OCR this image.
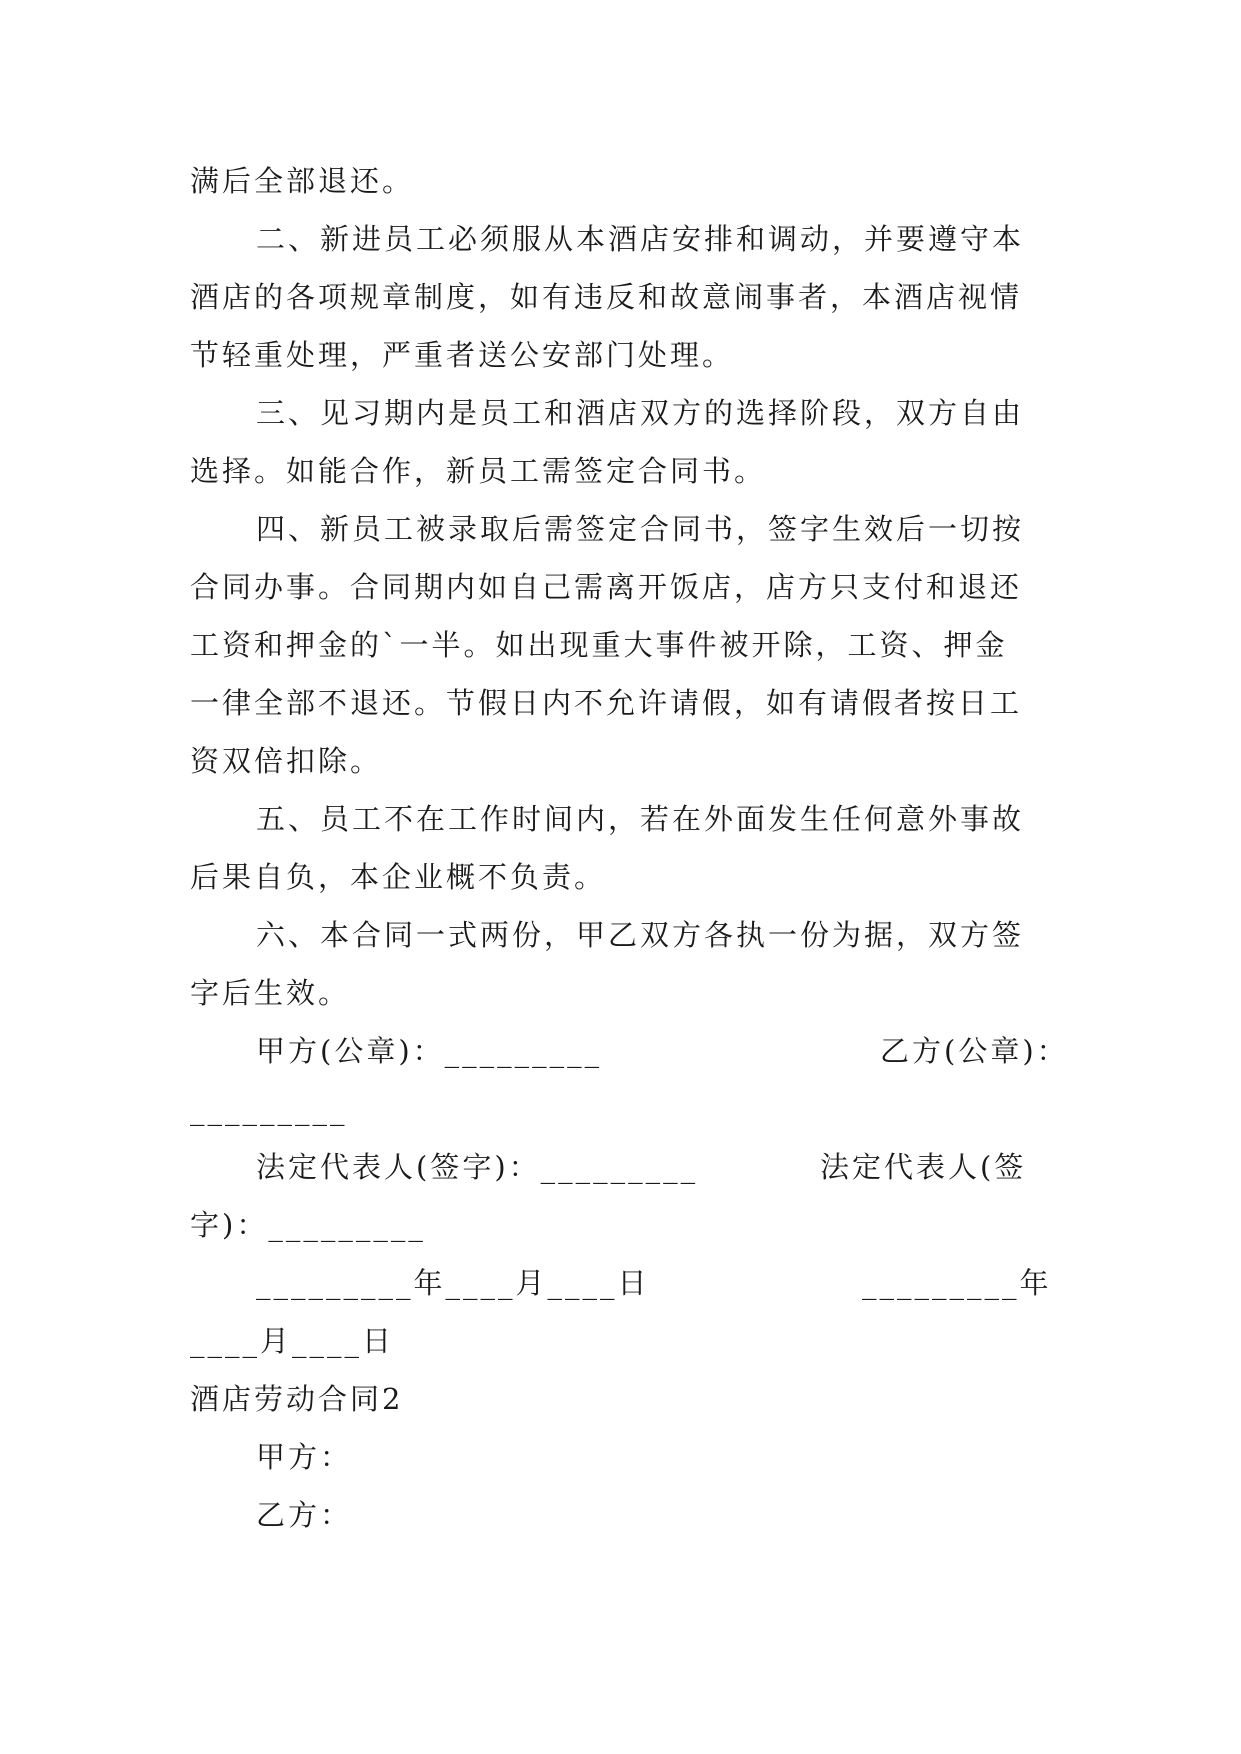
满后全部退还。
二、新进员工必须服从本酒店安排和调动，并要遵守本
酒店的各项规章制度，如有违反和故意闹事者，本酒店视情
节轻重处理，严重者送公安部门处理。
三、见习期内是员工和酒店双方的选择阶段，双方自由
选择。如能合作，新员工需签定合同书。
四、新员工被录取后需签定合同书，签字生效后一切按
合同办事。合同期内如自己需离开饭店，店方只支付和退还
工资和押金的`一半。如出现重大事件被开除，工资、押金
一律全部不退还。节假日内不允许请假，如有请假者按日工
资双倍扣除。
五、员工不在工作时间内，若在外面发生任何意外事故
后果自负，本企业概不负责。
六、本合同一式两份，甲乙双方各执一份为据，双方签
字后生效。
甲方(公章)：_________	乙方(公章)：
_________
法定代表人(签字)：_________	法定代表人(签
字)：_________
_________年____月____日	_________年
____月____日
酒店劳动合同2
甲方：
乙方：
